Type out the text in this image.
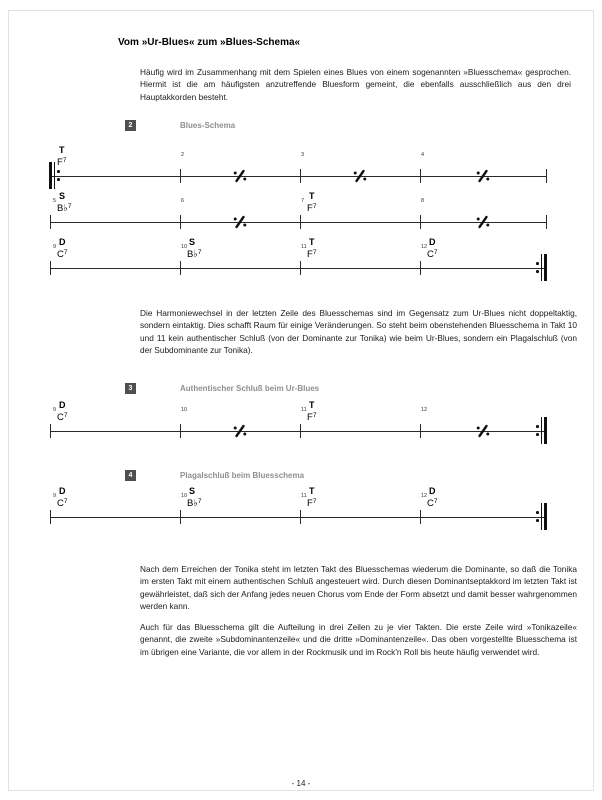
Vom »Ur-Blues« zum »Blues-Schema«

Häufig wird im Zusammenhang mit dem Spielen eines Blues von einem sogenannten »Bluesschema« gesprochen. Hiermit ist die am häufigsten anzutreffende Bluesform gemeint, die ebenfalls ausschließlich aus den drei Hauptakkorden besteht.

2	Blues-Schema
T
$F^7$
2	3	4
5 S
B♭$^7$
6	7 T
$F^7$
8
9 D
$C^7$
10 S
B♭$^7$
11 T
$F^7$
12 D
$C^7$

Die Harmoniewechsel in der letzten Zeile des Bluesschemas sind im Gegensatz zum Ur-Blues nicht doppeltaktig, sondern eintaktig. Dies schafft Raum für einige Veränderungen. So steht beim obenstehenden Bluesschema in Takt 10 und 11 kein authentischer Schluß (von der Dominante zur Tonika) wie beim Ur-Blues, sondern ein Plagalschluß (von der Subdominante zur Tonika).

3	Authentischer Schluß beim Ur-Blues
9 D
$C^7$
10	11 T
$F^7$
12
4	Plagalschluß beim Bluesschema
9 D
$C^7$
10 S
B♭$^7$
11 T
$F^7$
12 D
$C^7$

Nach dem Erreichen der Tonika steht im letzten Takt des Bluesschemas wiederum die Dominante, so daß die Tonika im ersten Takt mit einem authentischen Schluß angesteuert wird. Durch diesen Dominantseptakkord im letzten Takt ist gewährleistet, daß sich der Anfang jedes neuen Chorus vom Ende der Form absetzt und damit besser wahrgenommen werden kann.

Auch für das Bluesschema gilt die Aufteilung in drei Zeilen zu je vier Takten. Die erste Zeile wird »Tonikazeile« genannt, die zweite »Subdominantenzeile« und die dritte »Dominantenzeile«. Das oben vorgestellte Bluesschema ist im übrigen eine Variante, die vor allem in der Rockmusik und im Rock'n Roll bis heute häufig verwendet wird.

- 14 -
